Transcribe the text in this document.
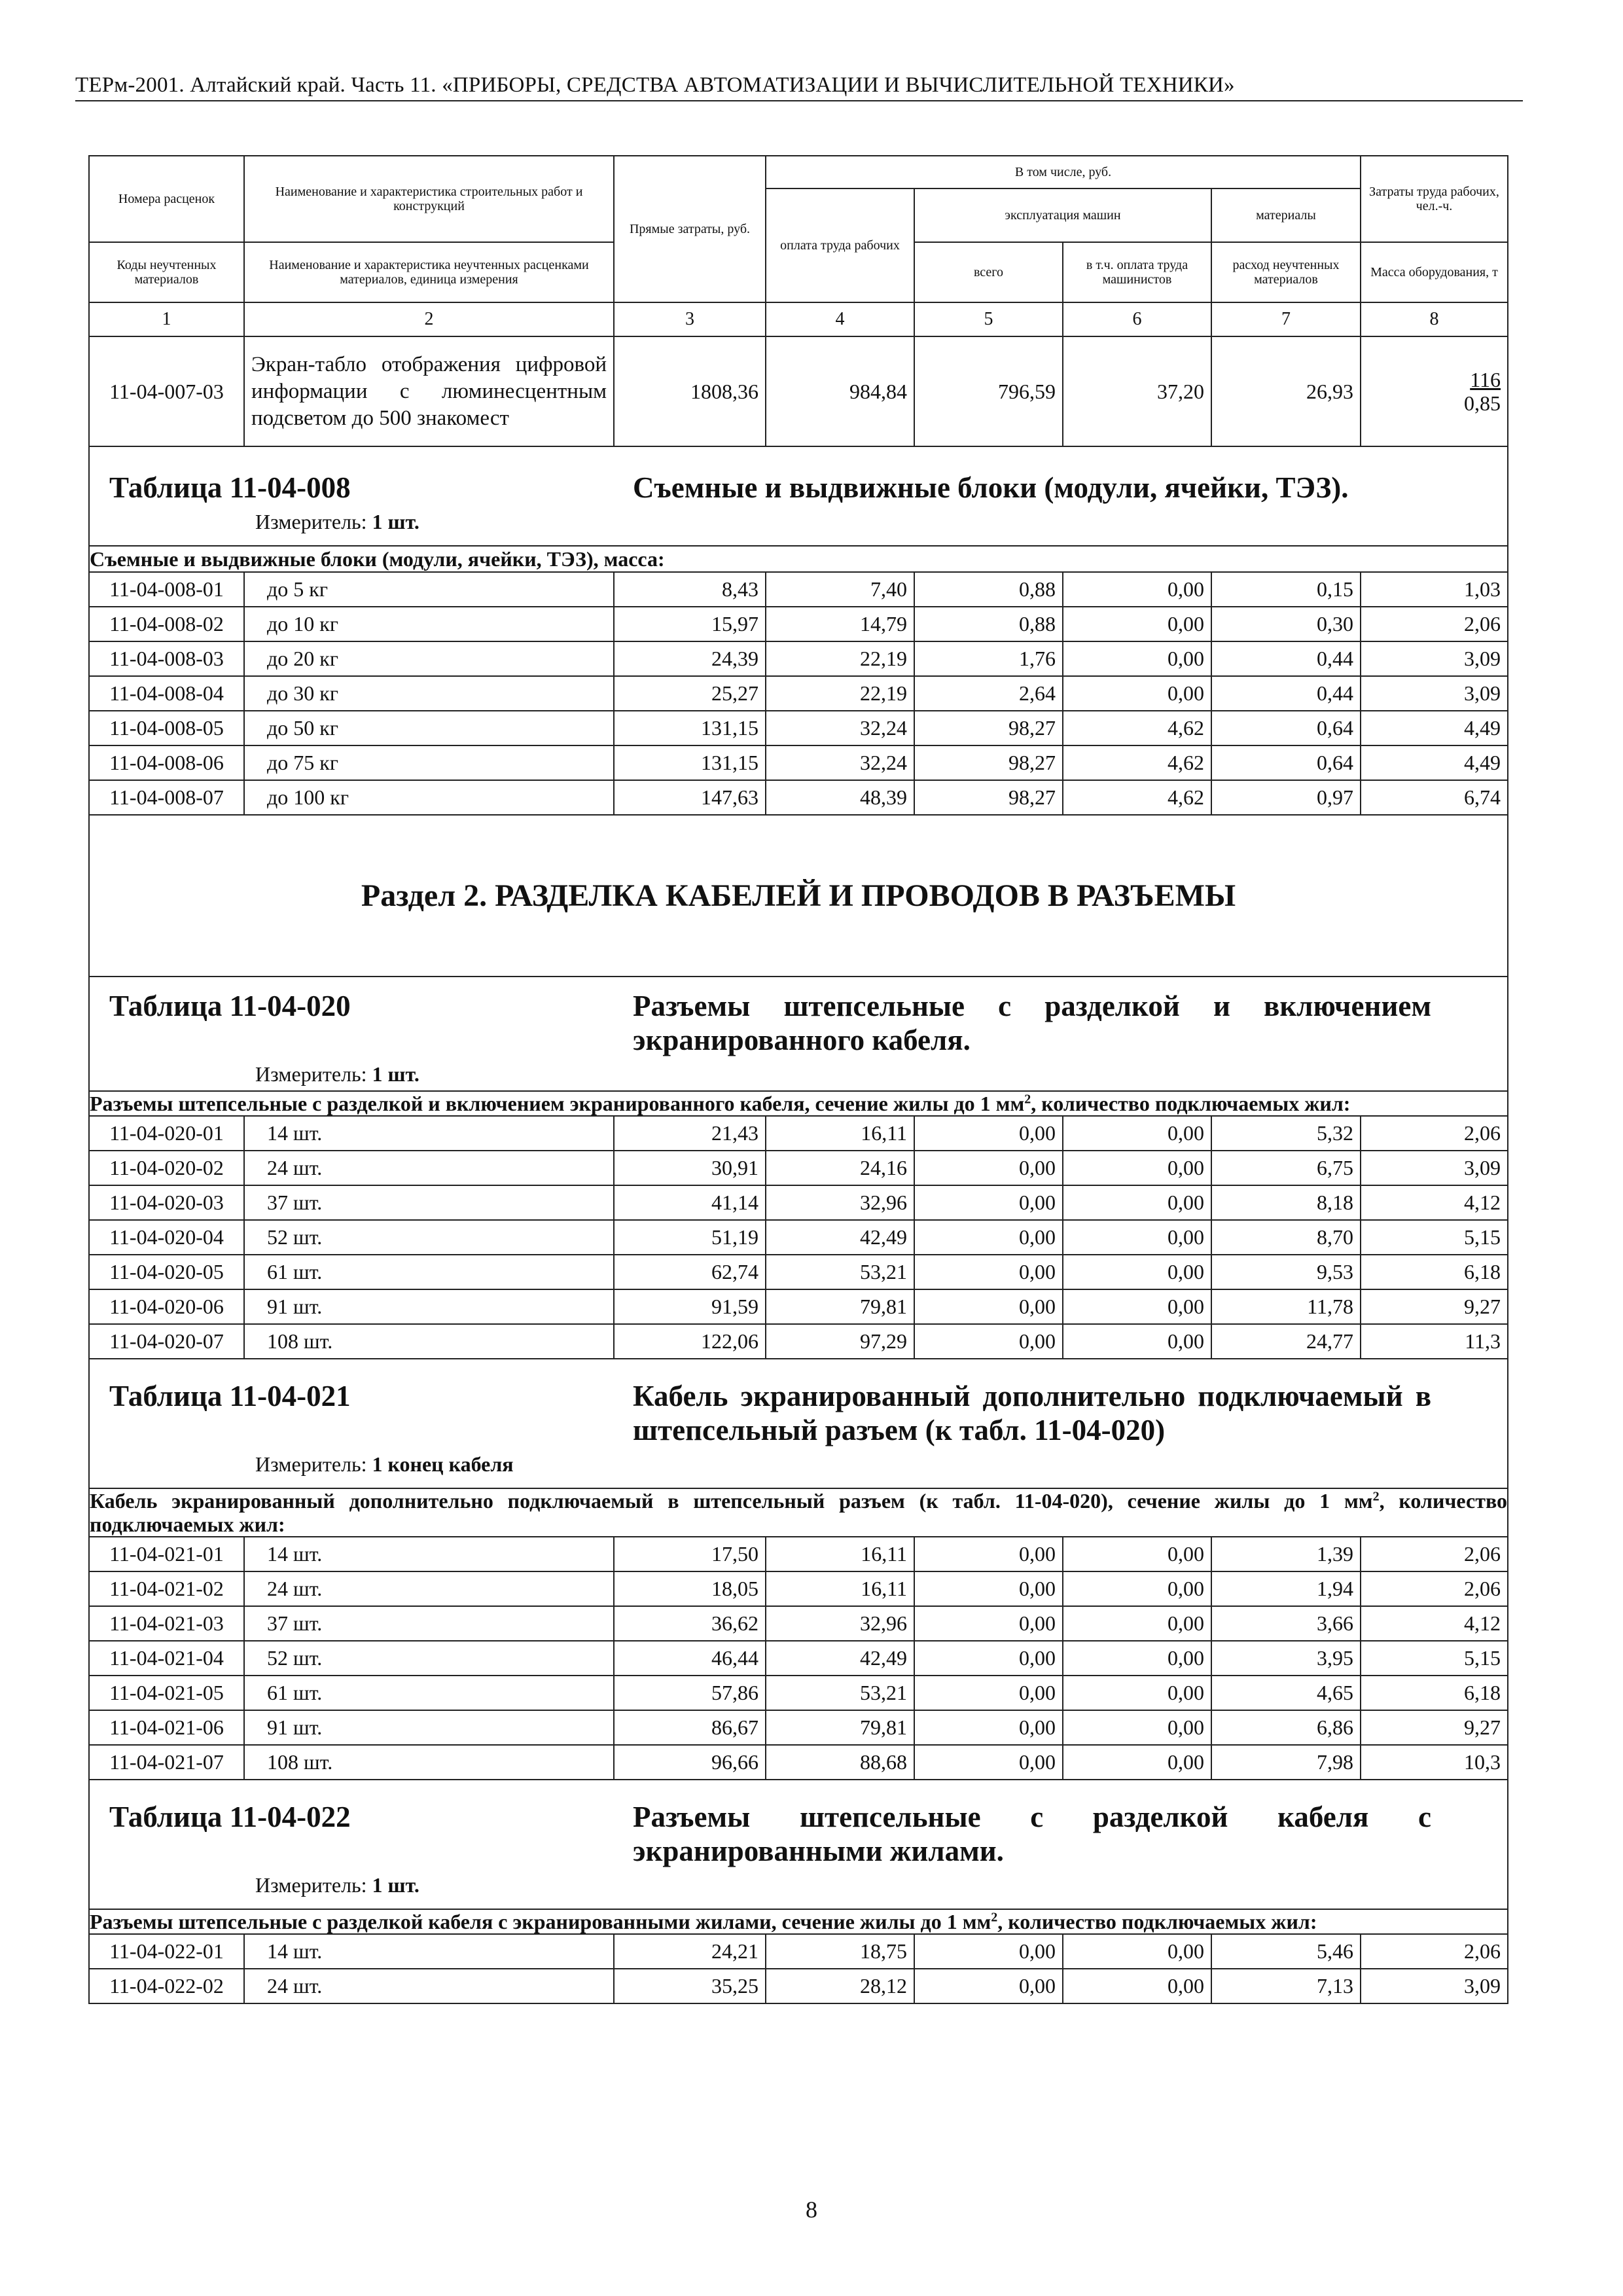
ТЕРм-2001. Алтайский край. Часть 11. «ПРИБОРЫ, СРЕДСТВА АВТОМАТИЗАЦИИ И ВЫЧИСЛИТЕЛЬНОЙ ТЕХНИКИ»
Номера расценок	Наименование и характеристика строительных работ и конструкций	Прямые затраты, руб.	В том числе, руб.				Затраты труда рабочих, чел.-ч.
			оплата труда рабочих	эксплуатация машин		материалы	
Коды неучтенных материалов	Наименование и характеристика неучтенных расценками материалов, единица измерения			всего	в т.ч. оплата труда машинистов	расход неучтенных материалов	Масса оборудования, т
1	2	3	4	5	6	7	8
11-04-007-03	Экран-табло отображения цифровой информации с люминесцентным подсветом до 500 знакомест	1808,36	984,84	796,59	37,20	26,93	$\frac{116}{0,85}$

Таблица 11-04-008 Съемные и выдвижные блоки (модули, ячейки, ТЭЗ).
Измеритель: 1 шт.							

Съемные и выдвижные блоки (модули, ячейки, ТЭЗ), масса:							
11-04-008-01	до 5 кг	8,43	7,40	0,88	0,00	0,15	1,03
11-04-008-02	до 10 кг	15,97	14,79	0,88	0,00	0,30	2,06
11-04-008-03	до 20 кг	24,39	22,19	1,76	0,00	0,44	3,09
11-04-008-04	до 30 кг	25,27	22,19	2,64	0,00	0,44	3,09
11-04-008-05	до 50 кг	131,15	32,24	98,27	4,62	0,64	4,49
11-04-008-06	до 75 кг	131,15	32,24	98,27	4,62	0,64	4,49
11-04-008-07	до 100 кг	147,63	48,39	98,27	4,62	0,97	6,74

Раздел 2. РАЗДЕЛКА КАБЕЛЕЙ И ПРОВОДОВ В РАЗЪЕМЫ							

Таблица 11-04-020 Разъемы штепсельные с разделкой и включением экранированного кабеля.
Измеритель: 1 шт.							

Разъемы штепсельные с разделкой и включением экранированного кабеля, сечение жилы до 1 $мм^2$, количество подключаемых жил:							

11-04-020-01	14 шт.	21,43	16,11	0,00	0,00	5,32	2,06
11-04-020-02	24 шт.	30,91	24,16	0,00	0,00	6,75	3,09
11-04-020-03	37 шт.	41,14	32,96	0,00	0,00	8,18	4,12
11-04-020-04	52 шт.	51,19	42,49	0,00	0,00	8,70	5,15
11-04-020-05	61 шт.	62,74	53,21	0,00	0,00	9,53	6,18
11-04-020-06	91 шт.	91,59	79,81	0,00	0,00	11,78	9,27
11-04-020-07	108 шт.	122,06	97,29	0,00	0,00	24,77	11,3

Таблица 11-04-021 Кабель экранированный дополнительно подключаемый в штепсельный разъем (к табл. 11-04-020)
Измеритель: 1 конец кабеля							

Кабель экранированный дополнительно подключаемый в штепсельный разъем (к табл. 11-04-020), сечение жилы до 1 $мм^2$, количество подключаемых жил:							

11-04-021-01	14 шт.	17,50	16,11	0,00	0,00	1,39	2,06
11-04-021-02	24 шт.	18,05	16,11	0,00	0,00	1,94	2,06
11-04-021-03	37 шт.	36,62	32,96	0,00	0,00	3,66	4,12
11-04-021-04	52 шт.	46,44	42,49	0,00	0,00	3,95	5,15
11-04-021-05	61 шт.	57,86	53,21	0,00	0,00	4,65	6,18
11-04-021-06	91 шт.	86,67	79,81	0,00	0,00	6,86	9,27
11-04-021-07	108 шт.	96,66	88,68	0,00	0,00	7,98	10,3

Таблица 11-04-022 Разъемы штепсельные с разделкой кабеля с экранированными жилами.
Измеритель: 1 шт.							

Разъемы штепсельные с разделкой кабеля с экранированными жилами, сечение жилы до 1 $мм^2$, количество подключаемых жил:							

11-04-022-01	14 шт.	24,21	18,75	0,00	0,00	5,46	2,06
11-04-022-02	24 шт.	35,25	28,12	0,00	0,00	7,13	3,09
8
